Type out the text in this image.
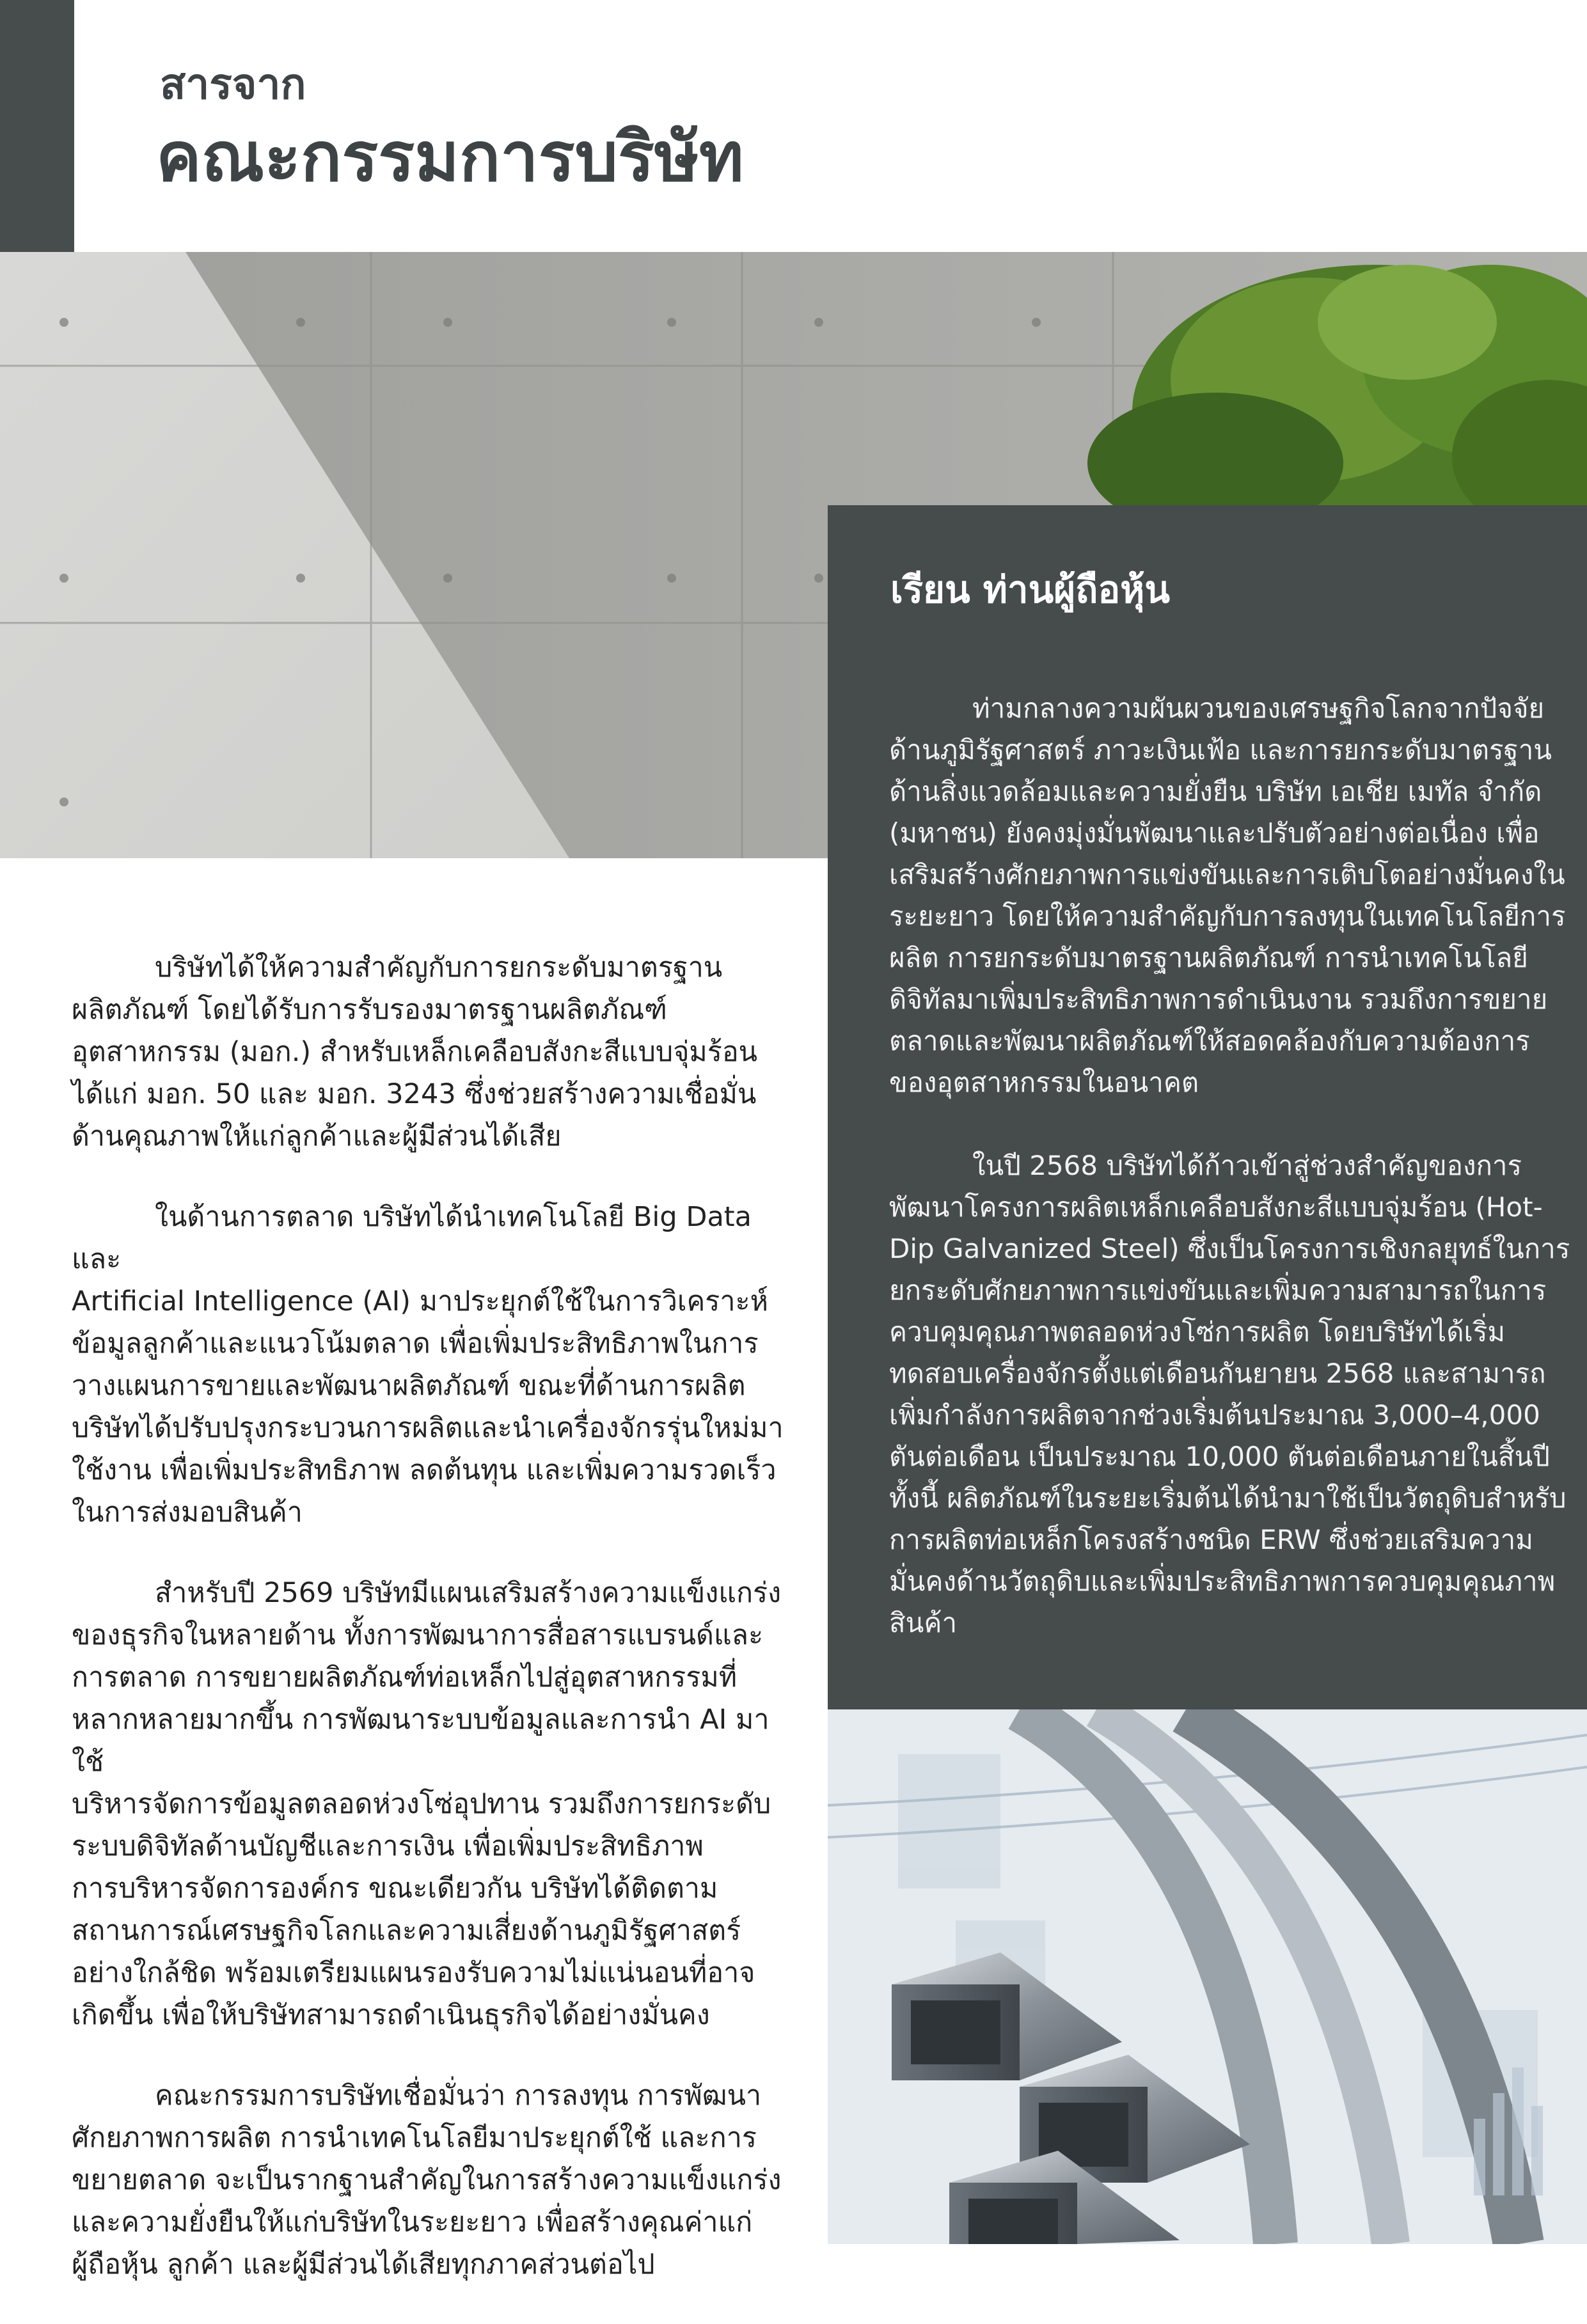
สารจาก
คณะกรรมการบริษัท

บริษัทได้ให้ความสำคัญกับการยกระดับมาตรฐาน
ผลิตภัณฑ์ โดยได้รับการรับรองมาตรฐานผลิตภัณฑ์
อุตสาหกรรม (มอก.) สำหรับเหล็กเคลือบสังกะสีแบบจุ่มร้อน
ได้แก่ มอก. 50 และ มอก. 3243 ซึ่งช่วยสร้างความเชื่อมั่น
ด้านคุณภาพให้แก่ลูกค้าและผู้มีส่วนได้เสีย

ในด้านการตลาด บริษัทได้นำเทคโนโลยี Big Data และ
Artificial Intelligence (AI) มาประยุกต์ใช้ในการวิเคราะห์
ข้อมูลลูกค้าและแนวโน้มตลาด เพื่อเพิ่มประสิทธิภาพในการ
วางแผนการขายและพัฒนาผลิตภัณฑ์ ขณะที่ด้านการผลิต
บริษัทได้ปรับปรุงกระบวนการผลิตและนำเครื่องจักรรุ่นใหม่มา
ใช้งาน เพื่อเพิ่มประสิทธิภาพ ลดต้นทุน และเพิ่มความรวดเร็ว
ในการส่งมอบสินค้า

สำหรับปี 2569 บริษัทมีแผนเสริมสร้างความแข็งแกร่ง
ของธุรกิจในหลายด้าน ทั้งการพัฒนาการสื่อสารแบรนด์และ
การตลาด การขยายผลิตภัณฑ์ท่อเหล็กไปสู่อุตสาหกรรมที่
หลากหลายมากขึ้น การพัฒนาระบบข้อมูลและการนำ AI มาใช้
บริหารจัดการข้อมูลตลอดห่วงโซ่อุปทาน รวมถึงการยกระดับ
ระบบดิจิทัลด้านบัญชีและการเงิน เพื่อเพิ่มประสิทธิภาพ
การบริหารจัดการองค์กร ขณะเดียวกัน บริษัทได้ติดตาม
สถานการณ์เศรษฐกิจโลกและความเสี่ยงด้านภูมิรัฐศาสตร์
อย่างใกล้ชิด พร้อมเตรียมแผนรองรับความไม่แน่นอนที่อาจ
เกิดขึ้น เพื่อให้บริษัทสามารถดำเนินธุรกิจได้อย่างมั่นคง

คณะกรรมการบริษัทเชื่อมั่นว่า การลงทุน การพัฒนา
ศักยภาพการผลิต การนำเทคโนโลยีมาประยุกต์ใช้ และการ
ขยายตลาด จะเป็นรากฐานสำคัญในการสร้างความแข็งแกร่ง
และความยั่งยืนให้แก่บริษัทในระยะยาว เพื่อสร้างคุณค่าแก่
ผู้ถือหุ้น ลูกค้า และผู้มีส่วนได้เสียทุกภาคส่วนต่อไป

เรียน ท่านผู้ถือหุ้น

ท่ามกลางความผันผวนของเศรษฐกิจโลกจากปัจจัย
ด้านภูมิรัฐศาสตร์ ภาวะเงินเฟ้อ และการยกระดับมาตรฐาน
ด้านสิ่งแวดล้อมและความยั่งยืน บริษัท เอเชีย เมทัล จำกัด
(มหาชน) ยังคงมุ่งมั่นพัฒนาและปรับตัวอย่างต่อเนื่อง เพื่อ
เสริมสร้างศักยภาพการแข่งขันและการเติบโตอย่างมั่นคงใน
ระยะยาว โดยให้ความสำคัญกับการลงทุนในเทคโนโลยีการ
ผลิต การยกระดับมาตรฐานผลิตภัณฑ์ การนำเทคโนโลยี
ดิจิทัลมาเพิ่มประสิทธิภาพการดำเนินงาน รวมถึงการขยาย
ตลาดและพัฒนาผลิตภัณฑ์ให้สอดคล้องกับความต้องการ
ของอุตสาหกรรมในอนาคต

ในปี 2568 บริษัทได้ก้าวเข้าสู่ช่วงสำคัญของการ
พัฒนาโครงการผลิตเหล็กเคลือบสังกะสีแบบจุ่มร้อน (Hot-
Dip Galvanized Steel) ซึ่งเป็นโครงการเชิงกลยุทธ์ในการ
ยกระดับศักยภาพการแข่งขันและเพิ่มความสามารถในการ
ควบคุมคุณภาพตลอดห่วงโซ่การผลิต โดยบริษัทได้เริ่ม
ทดสอบเครื่องจักรตั้งแต่เดือนกันยายน 2568 และสามารถ
เพิ่มกำลังการผลิตจากช่วงเริ่มต้นประมาณ 3,000–4,000
ตันต่อเดือน เป็นประมาณ 10,000 ตันต่อเดือนภายในสิ้นปี
ทั้งนี้ ผลิตภัณฑ์ในระยะเริ่มต้นได้นำมาใช้เป็นวัตถุดิบสำหรับ
การผลิตท่อเหล็กโครงสร้างชนิด ERW ซึ่งช่วยเสริมความ
มั่นคงด้านวัตถุดิบและเพิ่มประสิทธิภาพการควบคุมคุณภาพ
สินค้า
